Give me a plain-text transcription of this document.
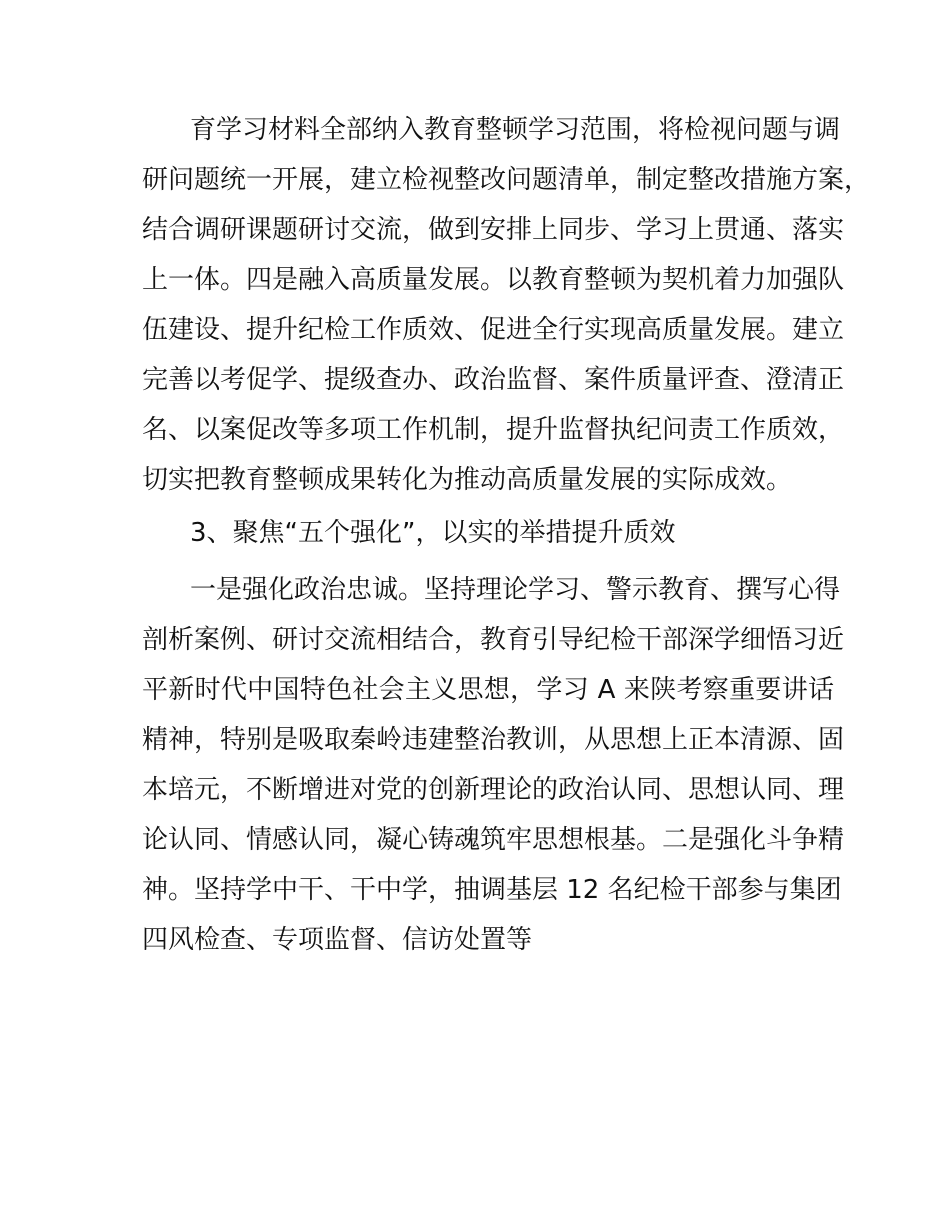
育学习材料全部纳入教育整顿学习范围，将检视问题与调
研问题统一开展，建立检视整改问题清单，制定整改措施方案，
结合调研课题研讨交流，做到安排上同步、学习上贯通、落实
上一体。四是融入高质量发展。以教育整顿为契机着力加强队
伍建设、提升纪检工作质效、促进全行实现高质量发展。建立
完善以考促学、提级查办、政治监督、案件质量评查、澄清正
名、以案促改等多项工作机制，提升监督执纪问责工作质效，
切实把教育整顿成果转化为推动高质量发展的实际成效。
3、聚焦“五个强化”，以实的举措提升质效
一是强化政治忠诚。坚持理论学习、警示教育、撰写心得
剖析案例、研讨交流相结合，教育引导纪检干部深学细悟习近
平新时代中国特色社会主义思想，学习 A 来陕考察重要讲话
精神，特别是吸取秦岭违建整治教训，从思想上正本清源、固
本培元，不断增进对党的创新理论的政治认同、思想认同、理
论认同、情感认同，凝心铸魂筑牢思想根基。二是强化斗争精
神。坚持学中干、干中学，抽调基层 12 名纪检干部参与集团
四风检查、专项监督、信访处置等
